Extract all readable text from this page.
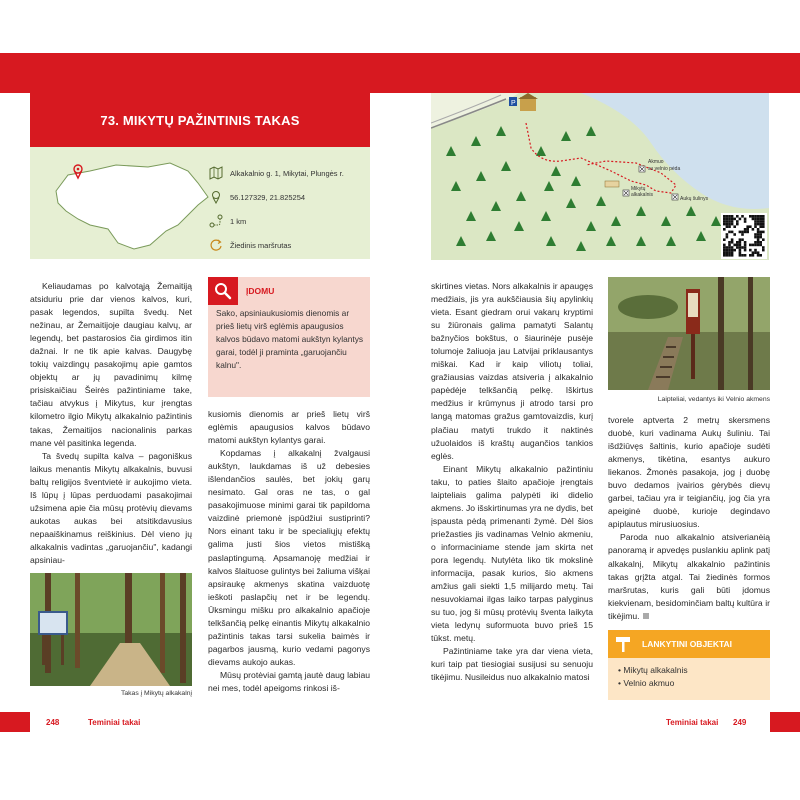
73. MIKYTŲ PAŽINTINIS TAKAS
Alkakalnio g. 1, Mikytai, Plungės r.
56.127329, 21.825254
1 km
Žiedinis maršrutas
P
Akmuo
su velnio pėda
Mikytų
alkakalnis
Aukų šulinys

Keliaudamas po kalvotąją Žemaitiją atsiduriu prie dar vienos kalvos, kuri, pasak legendos, supilta švedų. Net nežinau, ar Žemaitijoje daugiau kalvų, ar legendų, bet pastarosios čia girdimos itin dažnai. Ir ne tik apie kalvas. Daugybę tokių vaizdingų pasakojimų apie gamtos objektų ar jų pavadinimų kilmę prisiskaičiau Šeirės pažintiniame take, tačiau atvykus į Mikytus, kur įrengtas kilometro ilgio Mikytų alkakalnio pažintinis takas, Žemaitijos nacionalinis parkas mane vėl pasitinka legenda.

Ta švedų supilta kalva – pagoniškus laikus menantis Mikytų alkakalnis, buvusi baltų religijos šventvietė ir aukojimo vieta. Iš lūpų į lūpas perduodami pasakojimai užsimena apie čia mūsų protėvių dievams aukotas aukas bei atsitikdavusius nepaaiškinamus reiškinius. Dėl vieno jų alkakalnis vadintas „garuojančiu", kadangi apsiniau-

ĮDOMU
Sako, apsiniaukusiomis dienomis ar prieš lietų virš eglėmis apaugusios kalvos būdavo matomi aukštyn kylantys garai, todėl ji praminta „garuojančiu kalnu".

kusiomis dienomis ar prieš lietų virš eglėmis apaugusios kalvos būdavo matomi aukštyn kylantys garai.

Kopdamas į alkakalnį žvalgausi aukštyn, laukdamas iš už debesies išlendančios saulės, bet jokių garų nesimato. Gal oras ne tas, o gal pasakojimuose minimi garai tik papildoma vaizdinė priemonė įspūdžiui sustiprinti? Nors einant taku ir be specialiųjų efektų galima justi šios vietos mistišką paslaptingumą. Apsamanoję medžiai ir kalvos šlaituose gulintys bei žaliuma višķai apsiraukę akmenys skatina vaizduotę ieškoti paslapčių net ir be legendų. Ūksmingu mišku pro alkakalnio apačioje telkšančią pelkę einantis Mikytų alkakalnio pažintinis takas tarsi sukelia baimės ir pagarbos jausmą, kurio vedami pagonys dievams aukojo aukas.

Mūsų protėviai gamtą jautė daug labiau nei mes, todėl apeigoms rinkosi iš-

Takas į Mikytų alkakalnį

skirtines vietas. Nors alkakalnis ir apaugęs medžiais, jis yra aukščiausia šių apylinkių vieta. Esant giedram orui vakarų kryptimi su žiūronais galima pamatyti Salantų bažnyčios bokštus, o šiaurinėje pusėje tolumoje žaliuoja jau Latvijai priklausantys miškai. Kad ir kaip viliotų toliai, gražiausias vaizdas atsiveria į alkakalnio papėdėje telkšančią pelkę. Iškirtus medžius ir krūmynus ji atrodo tarsi pro langą matomas gražus gamtovaizdis, kurį plačiau matyti trukdo it naktinės užuolaidos iš kraštų augančios tankios eglės.

Einant Mikytų alkakalnio pažintiniu taku, to paties šlaito apačioje įrengtais laipteliais galima palypėti iki didelio akmens. Jo išskirtinumas yra ne dydis, bet įspausta pėdą primenanti žymė. Dėl šios priežasties jis vadinamas Velnio akmeniu, o informaciniame stende jam skirta net pora legendų. Nutylėta liko tik mokslinė informacija, pasak kurios, šio akmens amžius gali siekti 1,5 milijardo metų. Tai nesuvokiamai ilgas laiko tarpas palyginus su tuo, jog ši mūsų protėvių šventa laikyta vieta ledynų suformuota buvo prieš 15 tūkst. metų.

Pažintiniame take yra dar viena vieta, kuri taip pat tiesiogiai susijusi su senuoju tikėjimu. Nusileidus nuo alkakalnio matosi

Laipteliai, vedantys iki Velnio akmens

tvorele aptverta 2 metrų skersmens duobė, kuri vadinama Aukų šuliniu. Tai išdžiūvęs šaltinis, kurio apačioje sudėti akmenys, tikėtina, esantys aukuro liekanos. Žmonės pasakoja, jog į duobę buvo dedamos įvairios gėrybės dievų garbei, tačiau yra ir teigiančių, jog čia yra apeiginė duobė, kurioje degindavo apiplautus mirusiuosius.

Paroda nuo alkakalnio atsiverianėią panoramą ir apvedęs puslankiu aplink patį alkakalnį, Mikytų alkakalnio pažintinis takas grįžta atgal. Tai žiedinės formos maršrutas, kuris gali būti įdomus kiekvienam, besidominčiam baltų kultūra ir tikėjimu.

LANKYTINI OBJEKTAI
• Mikytų alkakalnis
• Velnio akmuo
248	Teminiai takai	Teminiai takai 249
